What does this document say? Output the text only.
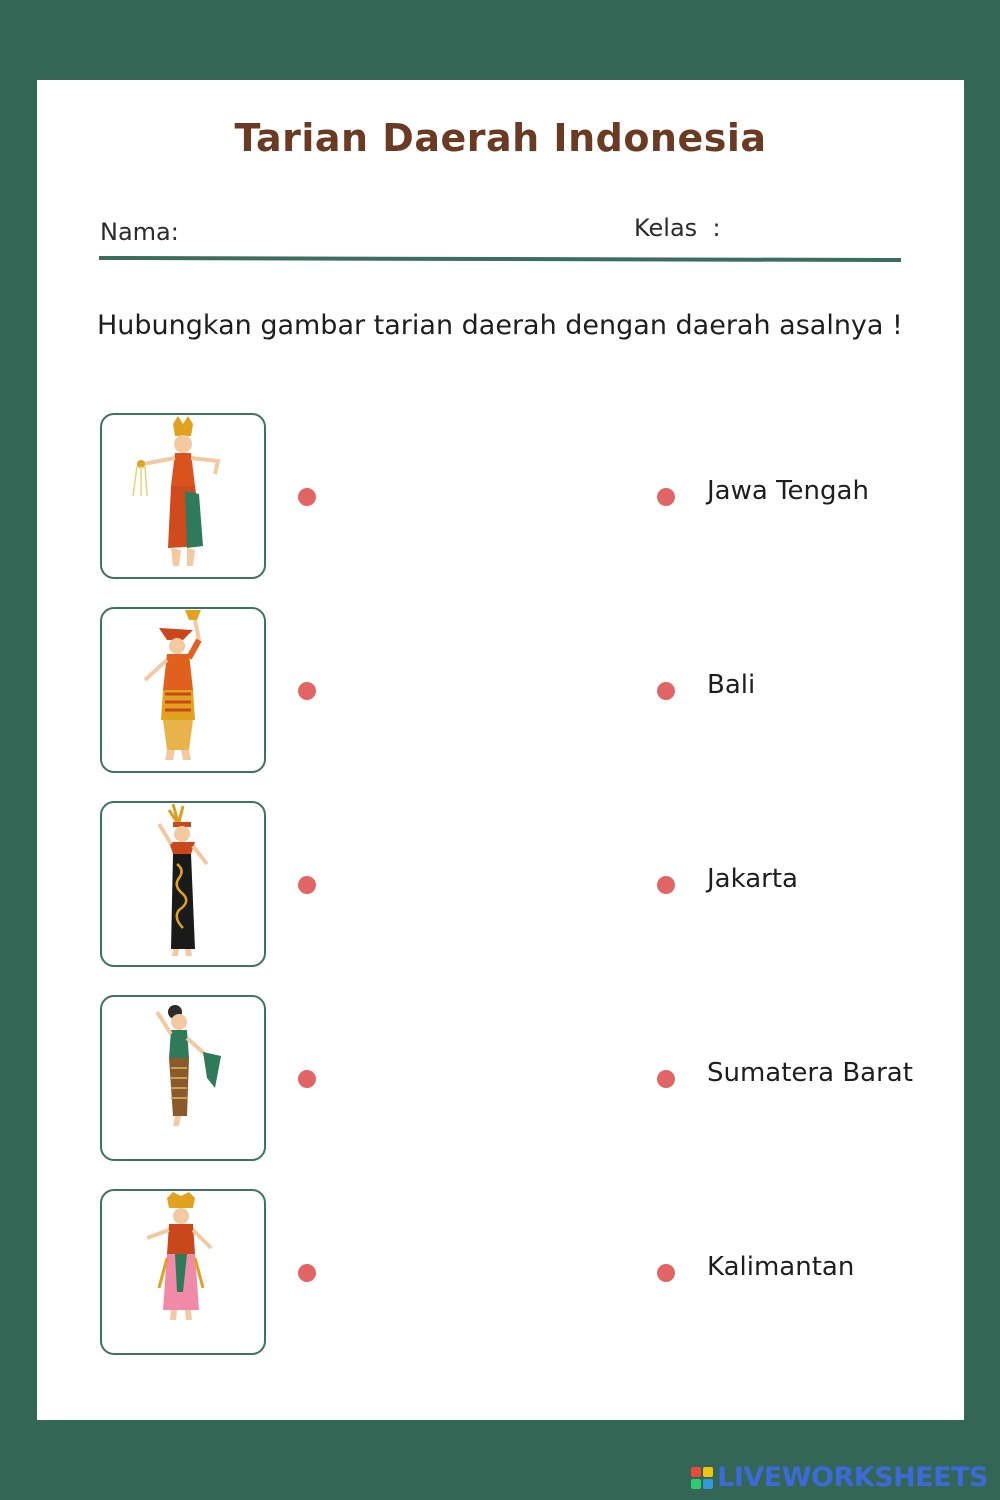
Tarian Daerah Indonesia
Nama:	Kelas  :
Hubungkan gambar tarian daerah dengan daerah asalnya !
Jawa Tengah
Bali
Jakarta
Sumatera Barat
Kalimantan
LIVEWORKSHEETS
